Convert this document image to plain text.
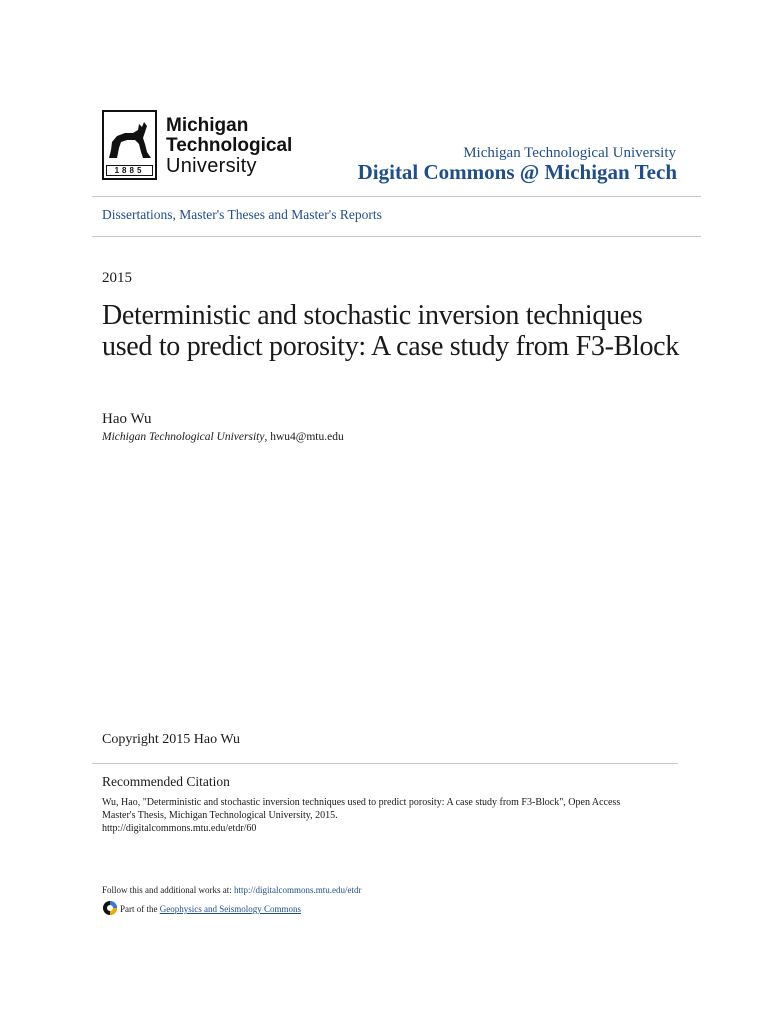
1885
Michigan
Technological
University
Michigan Technological University
Digital Commons @ Michigan Tech
Dissertations, Master's Theses and Master's Reports
2015
Deterministic and stochastic inversion techniques used to predict porosity: A case study from F3-Block
Hao Wu
Michigan Technological University, hwu4@mtu.edu
Copyright 2015 Hao Wu
Recommended Citation
Wu, Hao, "Deterministic and stochastic inversion techniques used to predict porosity: A case study from F3-Block", Open Access
Master's Thesis, Michigan Technological University, 2015.
http://digitalcommons.mtu.edu/etdr/60
Follow this and additional works at: http://digitalcommons.mtu.edu/etdr
Part of the Geophysics and Seismology Commons
